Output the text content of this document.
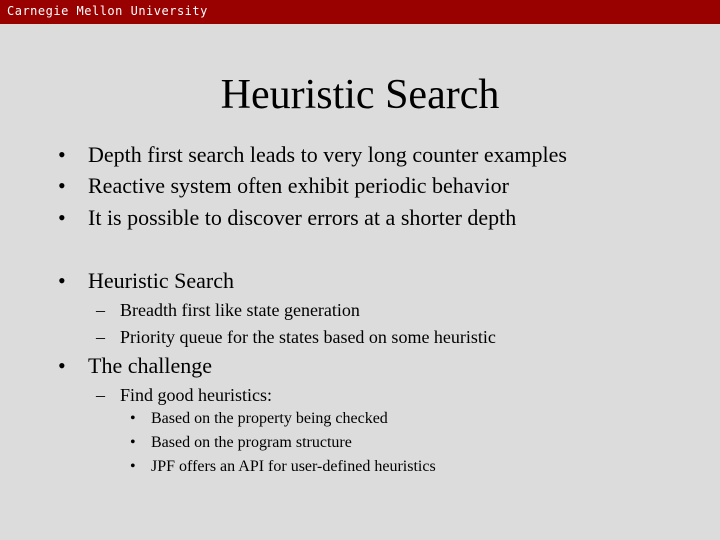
Carnegie Mellon University
Heuristic Search
• Depth first search leads to very long counter examples
• Reactive system often exhibit periodic behavior
• It is possible to discover errors at a shorter depth
• Heuristic Search
– Breadth first like state generation
– Priority queue for the states based on some heuristic
• The challenge
– Find good heuristics:
• Based on the property being checked
• Based on the program structure
• JPF offers an API for user-defined heuristics
